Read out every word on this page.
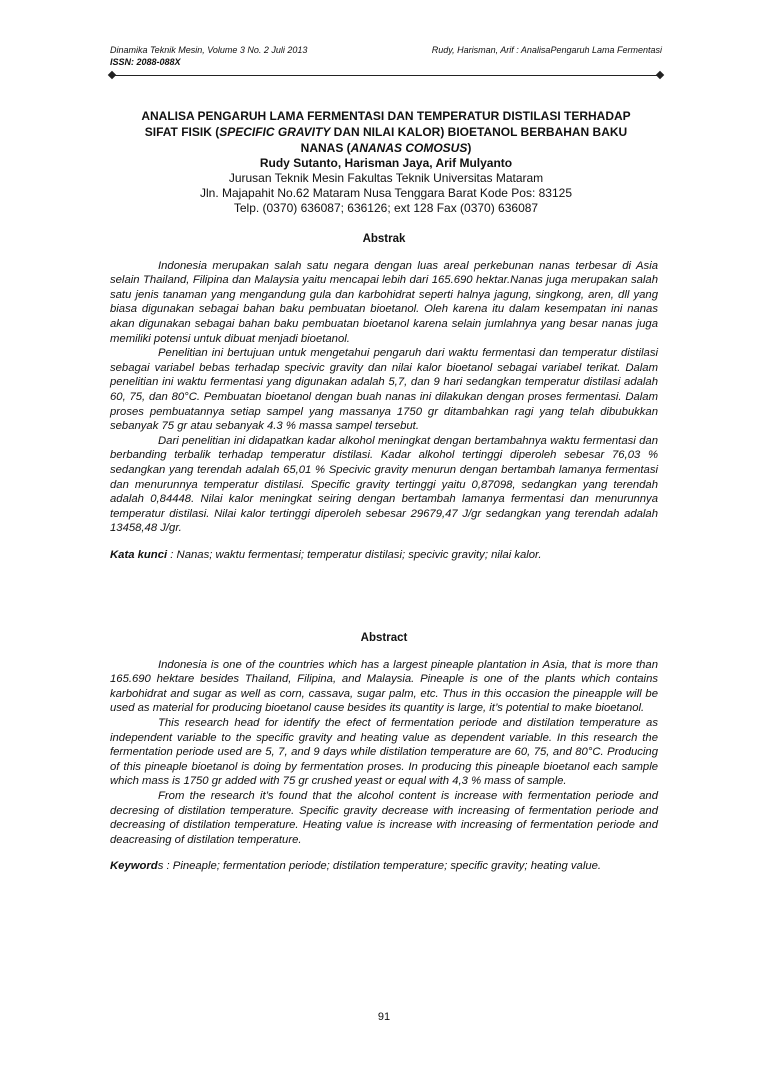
Dinamika Teknik Mesin, Volume 3 No. 2 Juli 2013	Rudy, Harisman, Arif : AnalisaPengaruh Lama Fermentasi
ISSN: 2088-088X
ANALISA PENGARUH LAMA FERMENTASI DAN TEMPERATUR DISTILASI TERHADAP
SIFAT FISIK (SPECIFIC GRAVITY DAN NILAI KALOR) BIOETANOL BERBAHAN BAKU
NANAS (ANANAS COMOSUS)
Rudy Sutanto, Harisman Jaya, Arif Mulyanto
Jurusan Teknik Mesin Fakultas Teknik Universitas Mataram
Jln. Majapahit No.62 Mataram Nusa Tenggara Barat Kode Pos: 83125
Telp. (0370) 636087; 636126; ext 128 Fax (0370) 636087
Abstrak

Indonesia merupakan salah satu negara dengan luas areal perkebunan nanas terbesar di Asia selain Thailand, Filipina dan Malaysia yaitu mencapai lebih dari 165.690 hektar.Nanas juga merupakan salah satu jenis tanaman yang mengandung gula dan karbohidrat seperti halnya jagung, singkong, aren, dll yang biasa digunakan sebagai bahan baku pembuatan bioetanol. Oleh karena itu dalam kesempatan ini nanas akan digunakan sebagai bahan baku pembuatan bioetanol karena selain jumlahnya yang besar nanas juga memiliki potensi untuk dibuat menjadi bioetanol.

Penelitian ini bertujuan untuk mengetahui pengaruh dari waktu fermentasi dan temperatur distilasi sebagai variabel bebas terhadap specivic gravity dan nilai kalor bioetanol sebagai variabel terikat. Dalam penelitian ini waktu fermentasi yang digunakan adalah 5,7, dan 9 hari sedangkan temperatur distilasi adalah 60, 75, dan 80°C. Pembuatan bioetanol dengan buah nanas ini dilakukan dengan proses fermentasi. Dalam proses pembuatannya setiap sampel yang massanya 1750 gr ditambahkan ragi yang telah dibubukkan sebanyak 75 gr atau sebanyak 4.3 % massa sampel tersebut.

Dari penelitian ini didapatkan kadar alkohol meningkat dengan bertambahnya waktu fermentasi dan berbanding terbalik terhadap temperatur distilasi. Kadar alkohol tertinggi diperoleh sebesar 76,03 % sedangkan yang terendah adalah 65,01 % Specivic gravity menurun dengan bertambah lamanya fermentasi dan menurunnya temperatur distilasi. Specific gravity tertinggi yaitu 0,87098, sedangkan yang terendah adalah 0,84448. Nilai kalor meningkat seiring dengan bertambah lamanya fermentasi dan menurunnya temperatur distilasi. Nilai kalor tertinggi diperoleh sebesar 29679,47 J/gr sedangkan yang terendah adalah 13458,48 J/gr.

Kata kunci : Nanas; waktu fermentasi; temperatur distilasi; specivic gravity; nilai kalor.
Abstract

Indonesia is one of the countries which has a largest pineaple plantation in Asia, that is more than 165.690 hektare besides Thailand, Filipina, and Malaysia. Pineaple is one of the plants which contains karbohidrat and sugar as well as corn, cassava, sugar palm, etc. Thus in this occasion the pineapple will be used as material for producing bioetanol cause besides its quantity is large, it’s potential to make bioetanol.

This research head for identify the efect of fermentation periode and distilation temperature as independent variable to the specific gravity and heating value as dependent variable. In this research the fermentation periode used are 5, 7, and 9 days while distilation temperature are 60, 75, and 80°C. Producing of this pineaple bioetanol is doing by fermentation proses. In producing this pineaple bioetanol each sample which mass is 1750 gr added with 75 gr crushed yeast or equal with 4,3 % mass of sample.

From the research it’s found that the alcohol content is increase with fermentation periode and decresing of distilation temperature. Specific gravity decrease with increasing of fermentation periode and decreasing of distilation temperature. Heating value is increase with increasing of fermentation periode and deacreasing of distilation temperature.

Keywords : Pineaple; fermentation periode; distilation temperature; specific gravity; heating value.
91
